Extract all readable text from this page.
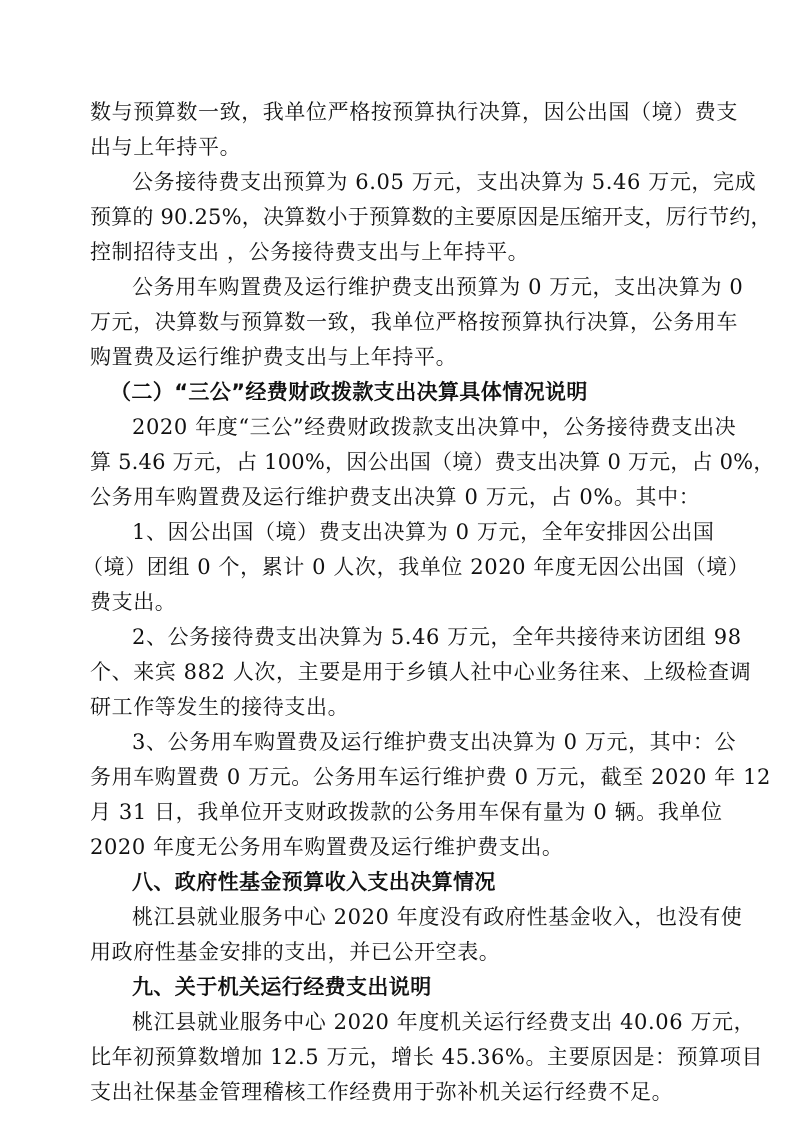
数与预算数一致，我单位严格按预算执行决算，因公出国（境）费支
出与上年持平。
公务接待费支出预算为 6.05 万元，支出决算为 5.46 万元，完成
预算的 90.25%，决算数小于预算数的主要原因是压缩开支，厉行节约，
控制招待支出 ，公务接待费支出与上年持平。
公务用车购置费及运行维护费支出预算为 0 万元，支出决算为 0
万元，决算数与预算数一致，我单位严格按预算执行决算，公务用车
购置费及运行维护费支出与上年持平。
（二）“三公”经费财政拨款支出决算具体情况说明
2020 年度“三公”经费财政拨款支出决算中，公务接待费支出决
算 5.46 万元，占 100%，因公出国（境）费支出决算 0 万元，占 0%，
公务用车购置费及运行维护费支出决算 0 万元，占 0%。其中：
1、因公出国（境）费支出决算为 0 万元，全年安排因公出国
（境）团组 0 个，累计 0 人次，我单位 2020 年度无因公出国（境）
费支出。
2、公务接待费支出决算为 5.46 万元，全年共接待来访团组 98
个、来宾 882 人次，主要是用于乡镇人社中心业务往来、上级检查调
研工作等发生的接待支出。
3、公务用车购置费及运行维护费支出决算为 0 万元，其中：公
务用车购置费 0 万元。公务用车运行维护费 0 万元，截至 2020 年 12
月 31 日，我单位开支财政拨款的公务用车保有量为 0 辆。我单位
2020 年度无公务用车购置费及运行维护费支出。
八、政府性基金预算收入支出决算情况
桃江县就业服务中心 2020 年度没有政府性基金收入，也没有使
用政府性基金安排的支出，并已公开空表。
九、关于机关运行经费支出说明
桃江县就业服务中心 2020 年度机关运行经费支出 40.06 万元，
比年初预算数增加 12.5 万元，增长 45.36%。主要原因是：预算项目
支出社保基金管理稽核工作经费用于弥补机关运行经费不足。
